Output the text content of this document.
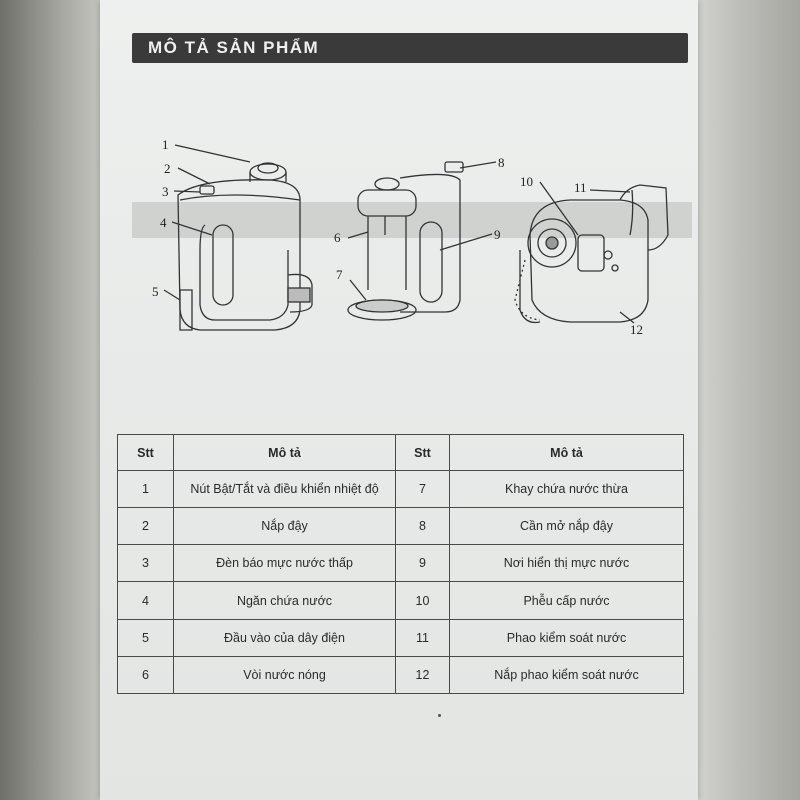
MÔ TẢ SẢN PHẨM
1
2
3
4
5
6
7
8
9
10	11
12
Stt	Mô tả	Stt	Mô tả
1	Nút Bật/Tắt và điều khiển nhiệt độ	7	Khay chứa nước thừa
2	Nắp đậy	8	Cần mở nắp đậy
3	Đèn báo mực nước thấp	9	Nơi hiển thị mực nước
4	Ngăn chứa nước	10	Phễu cấp nước
5	Đầu vào của dây điện	11	Phao kiểm soát nước
6	Vòi nước nóng	12	Nắp phao kiểm soát nước
